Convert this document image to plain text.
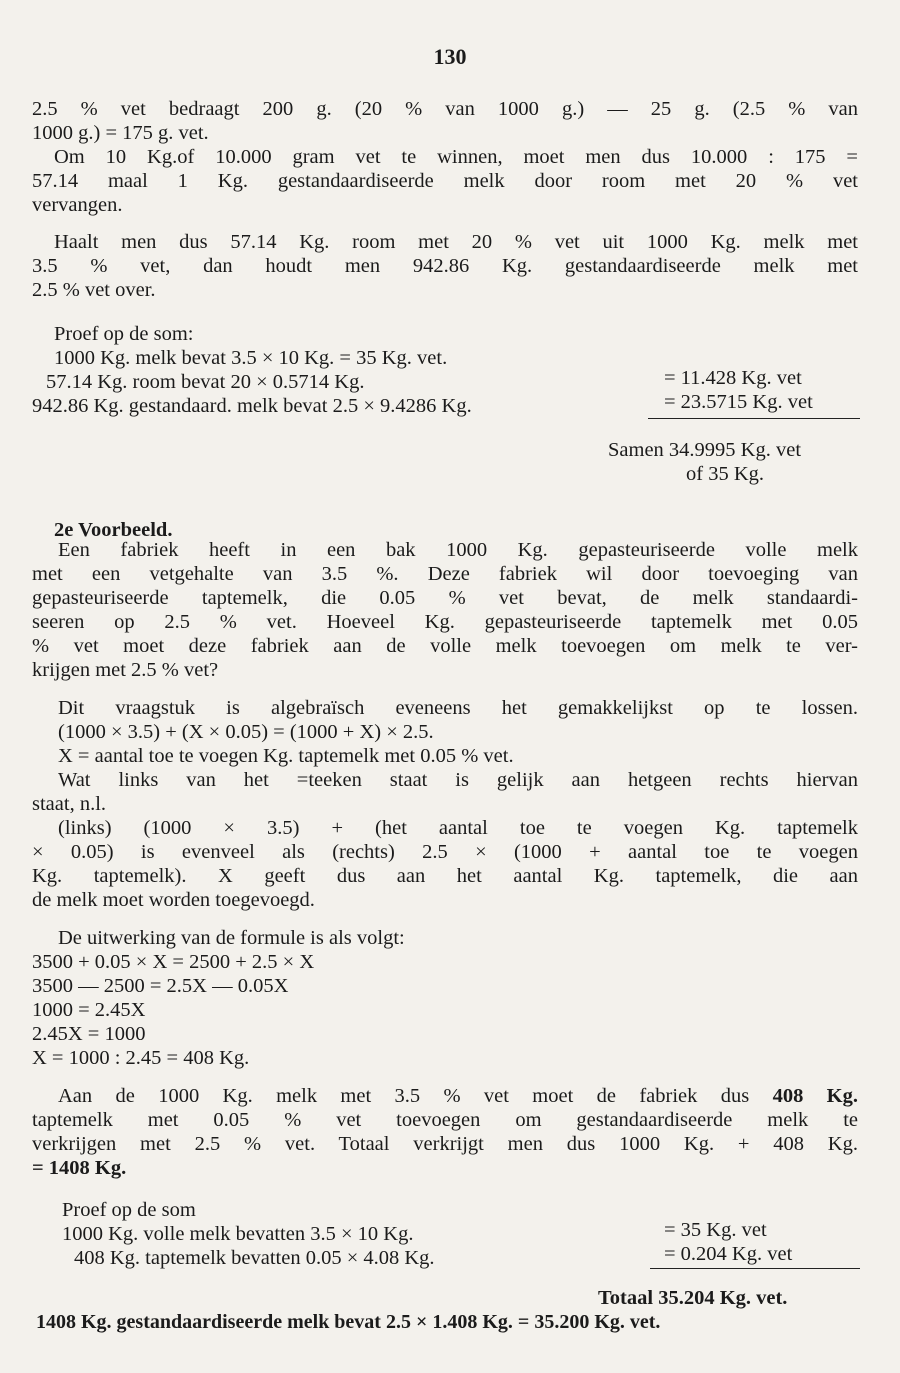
130
2.5 % vet bedraagt 200 g. (20 % van 1000 g.) — 25 g. (2.5 % van
1000 g.) = 175 g. vet.
Om 10 Kg.of 10.000 gram vet te winnen, moet men dus 10.000 : 175 =
57.14 maal 1 Kg. gestandaardiseerde melk door room met 20 % vet
vervangen.
Haalt men dus 57.14 Kg. room met 20 % vet uit 1000 Kg. melk met
3.5 % vet, dan houdt men 942.86 Kg. gestandaardiseerde melk met
2.5 % vet over.
Proef op de som:
1000 Kg. melk bevat 3.5 × 10 Kg. = 35 Kg. vet.
57.14 Kg. room bevat 20 × 0.5714 Kg.	= 11.428 Kg. vet
942.86 Kg. gestandaard. melk bevat 2.5 × 9.4286 Kg.	= 23.5715 Kg. vet
Samen 34.9995 Kg. vet
of 35 Kg.
2e Voorbeeld.
Een fabriek heeft in een bak 1000 Kg. gepasteuriseerde volle melk
met een vetgehalte van 3.5 %. Deze fabriek wil door toevoeging van
gepasteuriseerde taptemelk, die 0.05 % vet bevat, de melk standaardi-
seeren op 2.5 % vet. Hoeveel Kg. gepasteuriseerde taptemelk met 0.05
% vet moet deze fabriek aan de volle melk toevoegen om melk te ver-
krijgen met 2.5 % vet?
Dit vraagstuk is algebraïsch eveneens het gemakkelijkst op te lossen.
(1000 × 3.5) + (X × 0.05) = (1000 + X) × 2.5.
X = aantal toe te voegen Kg. taptemelk met 0.05 % vet.
Wat links van het =teeken staat is gelijk aan hetgeen rechts hiervan
staat, n.l.
(links) (1000 × 3.5) + (het aantal toe te voegen Kg. taptemelk
× 0.05) is evenveel als (rechts) 2.5 × (1000 + aantal toe te voegen
Kg. taptemelk). X geeft dus aan het aantal Kg. taptemelk, die aan
de melk moet worden toegevoegd.
De uitwerking van de formule is als volgt:
3500 + 0.05 × X = 2500 + 2.5 × X
3500 — 2500 = 2.5X — 0.05X
1000 = 2.45X
2.45X = 1000
X = 1000 : 2.45 = 408 Kg.
Aan de 1000 Kg. melk met 3.5 % vet moet de fabriek dus 408 Kg.
taptemelk met 0.05 % vet toevoegen om gestandaardiseerde melk te
verkrijgen met 2.5 % vet. Totaal verkrijgt men dus 1000 Kg. + 408 Kg.
= 1408 Kg.
Proef op de som
1000 Kg. volle melk bevatten 3.5 × 10 Kg.	= 35 Kg. vet
408 Kg. taptemelk bevatten 0.05 × 4.08 Kg.	= 0.204 Kg. vet
Totaal 35.204 Kg. vet.
1408 Kg. gestandaardiseerde melk bevat 2.5 × 1.408 Kg. = 35.200 Kg. vet.
